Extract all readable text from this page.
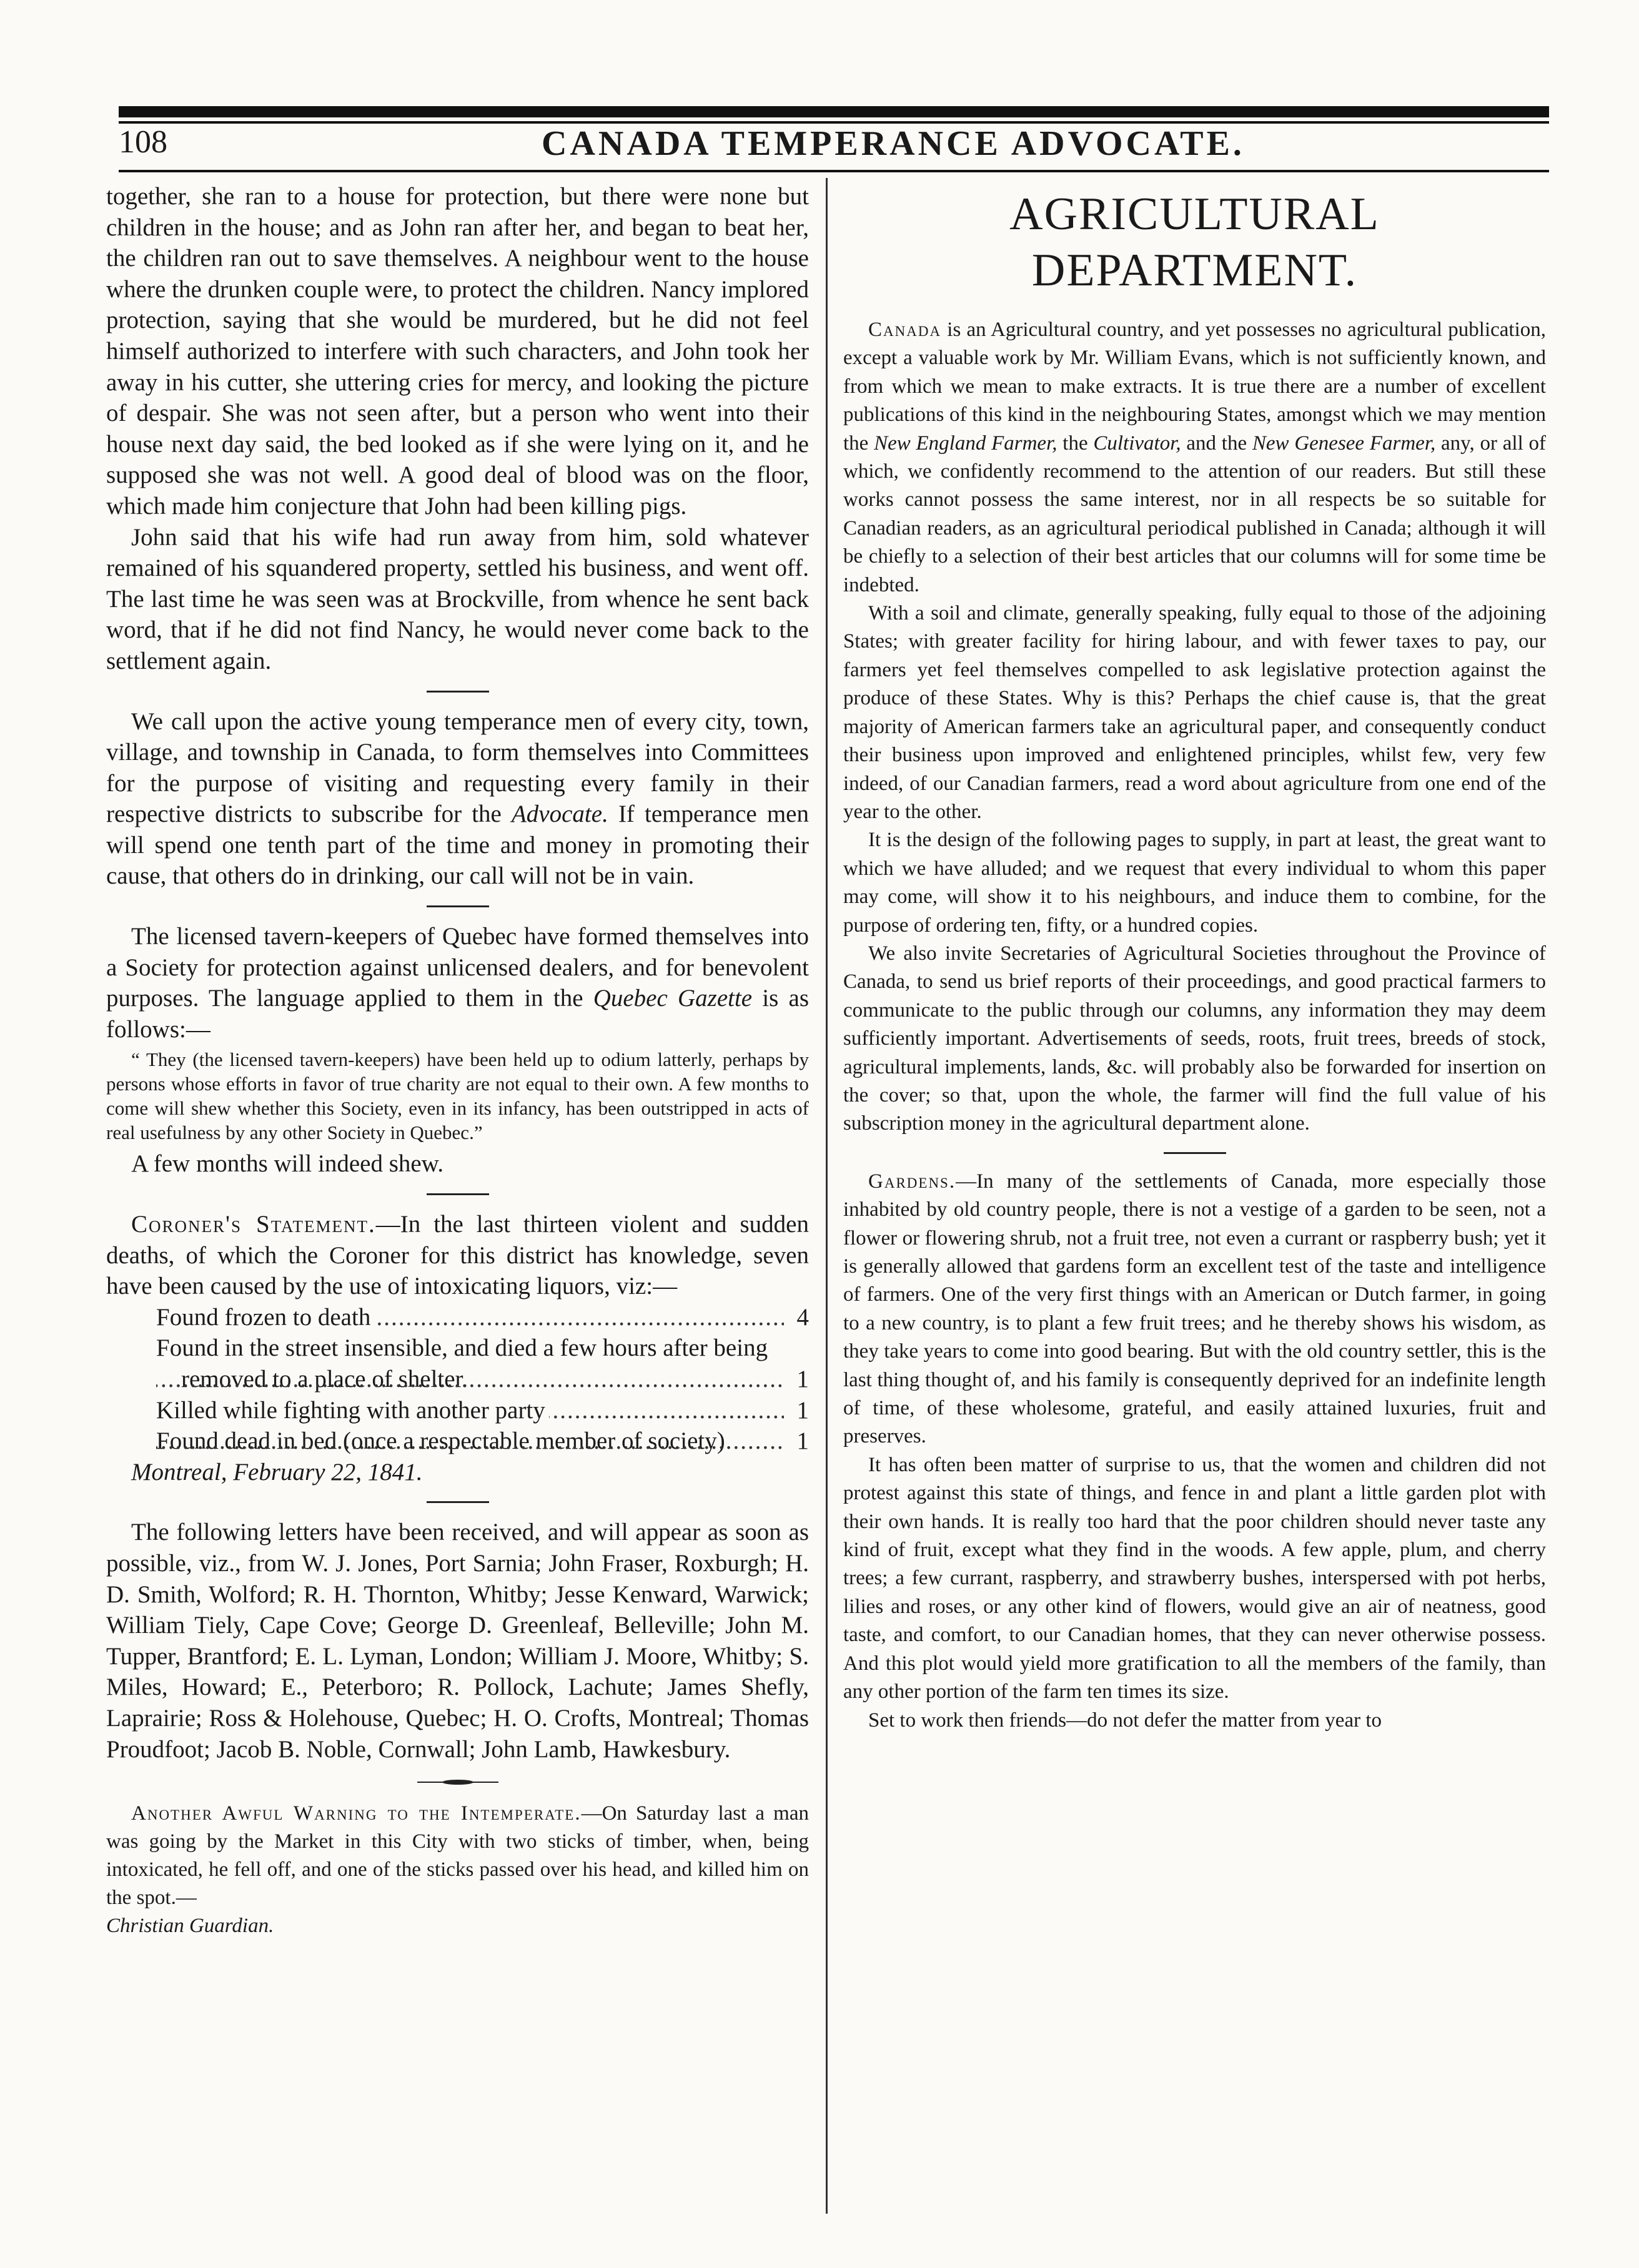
108	CANADA TEMPERANCE ADVOCATE.

together, she ran to a house for protection, but there were none but children in the house; and as John ran after her, and began to beat her, the children ran out to save themselves. A neighbour went to the house where the drunken couple were, to protect the children. Nancy implored protection, saying that she would be murdered, but he did not feel himself authorized to interfere with such characters, and John took her away in his cutter, she uttering cries for mercy, and looking the picture of despair. She was not seen after, but a person who went into their house next day said, the bed looked as if she were lying on it, and he supposed she was not well. A good deal of blood was on the floor, which made him conjecture that John had been killing pigs.

John said that his wife had run away from him, sold whatever remained of his squandered property, settled his business, and went off. The last time he was seen was at Brockville, from whence he sent back word, that if he did not find Nancy, he would never come back to the settlement again.

We call upon the active young temperance men of every city, town, village, and township in Canada, to form themselves into Committees for the purpose of visiting and requesting every family in their respective districts to subscribe for the Advocate. If temperance men will spend one tenth part of the time and money in promoting their cause, that others do in drinking, our call will not be in vain.

The licensed tavern-keepers of Quebec have formed themselves into a Society for protection against unlicensed dealers, and for benevolent purposes. The language applied to them in the Quebec Gazette is as follows:—

“ They (the licensed tavern-keepers) have been held up to odium latterly, perhaps by persons whose efforts in favor of true charity are not equal to their own. A few months to come will shew whether this Society, even in its infancy, has been outstripped in acts of real usefulness by any other Society in Quebec.”

A few months will indeed shew.

Coroner's Statement.—In the last thirteen violent and sudden deaths, of which the Coroner for this district has knowledge, seven have been caused by the use of intoxicating liquors, viz:—

Found frozen to death .....	4
Found in the street insensible, and died a few hours after being removed to a place of shelter. .....	1
Killed while fighting with another party .....	1
Found dead in bed (once a respectable member of society) .....	1

Montreal, February 22, 1841.

The following letters have been received, and will appear as soon as possible, viz., from W. J. Jones, Port Sarnia; John Fraser, Roxburgh; H. D. Smith, Wolford; R. H. Thornton, Whitby; Jesse Kenward, Warwick; William Tiely, Cape Cove; George D. Greenleaf, Belleville; John M. Tupper, Brantford; E. L. Lyman, London; William J. Moore, Whitby; S. Miles, Howard; E., Peterboro; R. Pollock, Lachute; James Shefly, Laprairie; Ross & Holehouse, Quebec; H. O. Crofts, Montreal; Thomas Proudfoot; Jacob B. Noble, Cornwall; John Lamb, Hawkesbury.

Another Awful Warning to the Intemperate.—On Saturday last a man was going by the Market in this City with two sticks of timber, when, being intoxicated, he fell off, and one of the sticks passed over his head, and killed him on the spot.—

Christian Guardian.

AGRICULTURAL DEPARTMENT.

Canada is an Agricultural country, and yet possesses no agricultural publication, except a valuable work by Mr. William Evans, which is not sufficiently known, and from which we mean to make extracts. It is true there are a number of excellent publications of this kind in the neighbouring States, amongst which we may mention the New England Farmer, the Cultivator, and the New Genesee Farmer, any, or all of which, we confidently recommend to the attention of our readers. But still these works cannot possess the same interest, nor in all respects be so suitable for Canadian readers, as an agricultural periodical published in Canada; although it will be chiefly to a selection of their best articles that our columns will for some time be indebted.

With a soil and climate, generally speaking, fully equal to those of the adjoining States; with greater facility for hiring labour, and with fewer taxes to pay, our farmers yet feel themselves compelled to ask legislative protection against the produce of these States. Why is this? Perhaps the chief cause is, that the great majority of American farmers take an agricultural paper, and consequently conduct their business upon improved and enlightened principles, whilst few, very few indeed, of our Canadian farmers, read a word about agriculture from one end of the year to the other.

It is the design of the following pages to supply, in part at least, the great want to which we have alluded; and we request that every individual to whom this paper may come, will show it to his neighbours, and induce them to combine, for the purpose of ordering ten, fifty, or a hundred copies.

We also invite Secretaries of Agricultural Societies throughout the Province of Canada, to send us brief reports of their proceedings, and good practical farmers to communicate to the public through our columns, any information they may deem sufficiently important. Advertisements of seeds, roots, fruit trees, breeds of stock, agricultural implements, lands, &c. will probably also be forwarded for insertion on the cover; so that, upon the whole, the farmer will find the full value of his subscription money in the agricultural department alone.

Gardens.—In many of the settlements of Canada, more especially those inhabited by old country people, there is not a vestige of a garden to be seen, not a flower or flowering shrub, not a fruit tree, not even a currant or raspberry bush; yet it is generally allowed that gardens form an excellent test of the taste and intelligence of farmers. One of the very first things with an American or Dutch farmer, in going to a new country, is to plant a few fruit trees; and he thereby shows his wisdom, as they take years to come into good bearing. But with the old country settler, this is the last thing thought of, and his family is consequently deprived for an indefinite length of time, of these wholesome, grateful, and easily attained luxuries, fruit and preserves.

It has often been matter of surprise to us, that the women and children did not protest against this state of things, and fence in and plant a little garden plot with their own hands. It is really too hard that the poor children should never taste any kind of fruit, except what they find in the woods. A few apple, plum, and cherry trees; a few currant, raspberry, and strawberry bushes, interspersed with pot herbs, lilies and roses, or any other kind of flowers, would give an air of neatness, good taste, and comfort, to our Canadian homes, that they can never otherwise possess. And this plot would yield more gratification to all the members of the family, than any other portion of the farm ten times its size.

Set to work then friends—do not defer the matter from year to
